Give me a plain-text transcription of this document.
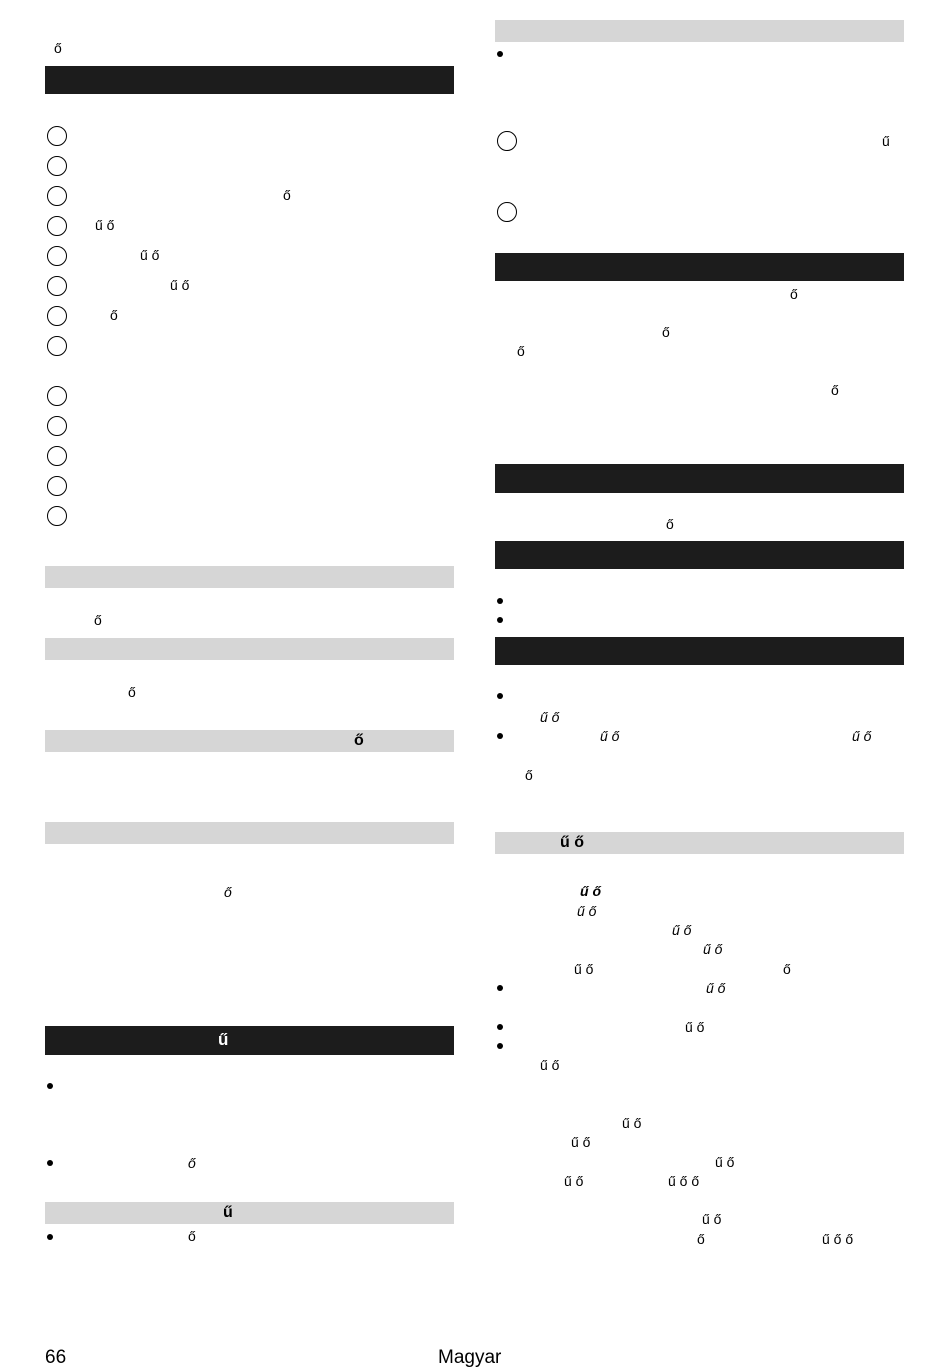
ő
ő
ű ő
ű ő
ű ő
ő
ő
ő
ő
ő
ű
ő
ű
ő
ű
ő
ő
ő
ő
ő
ű ő
ű ő	ű ő
ő
ű ő
ű ő
ű ő
ű ő
ű ő
ű ő	ő
ű ő
ű ő
ű ő
ű ő
ű ő
ű ő
ű ő	ű ő ő
ű ő
ő	ű ő ő
66	Magyar
